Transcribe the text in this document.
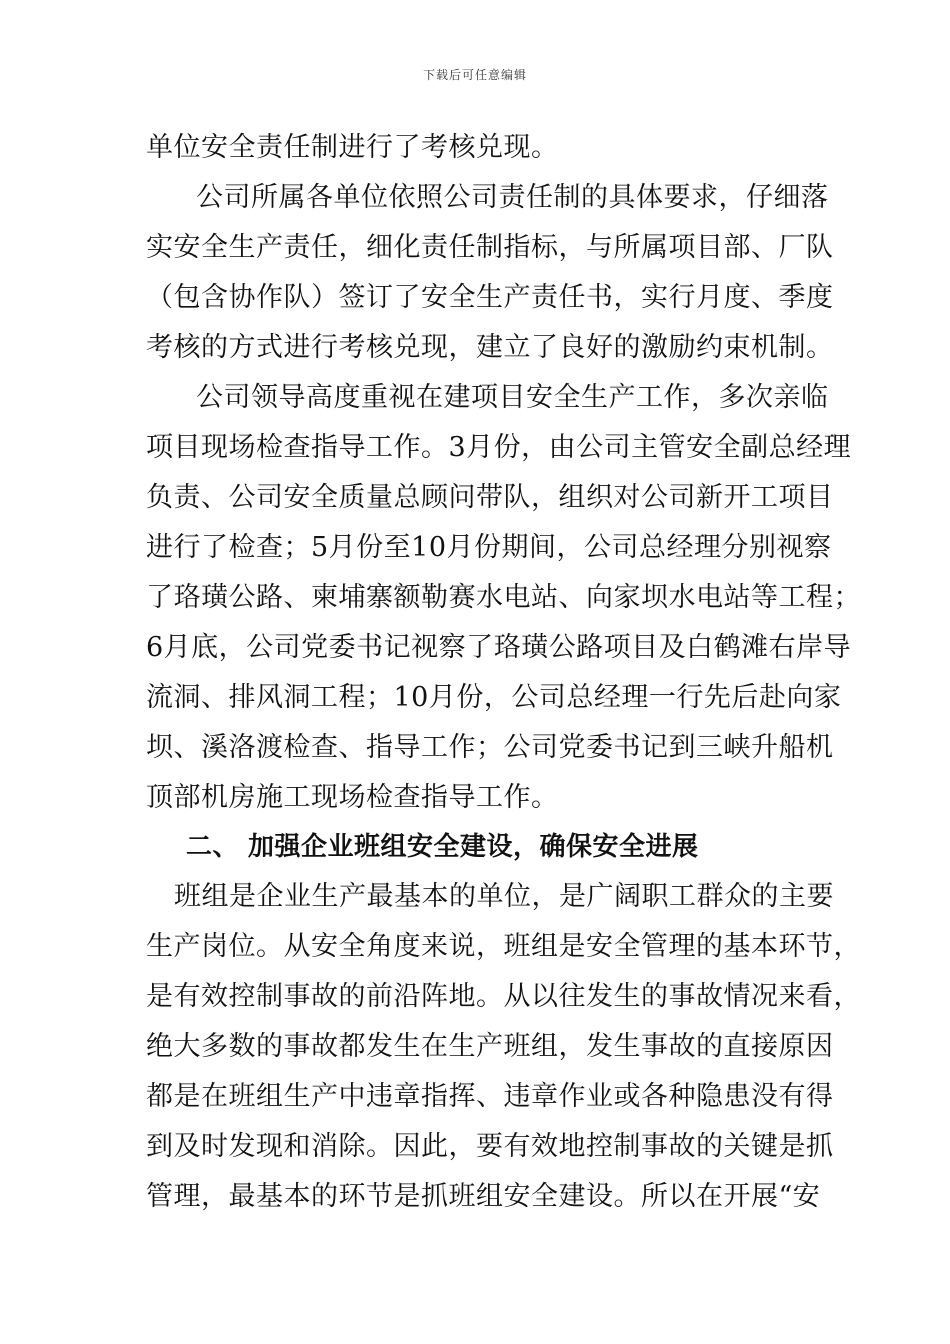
下载后可任意编辑
单位安全责任制进行了考核兑现。
公司所属各单位依照公司责任制的具体要求，仔细落
实安全生产责任，细化责任制指标，与所属项目部、厂队
（包含协作队）签订了安全生产责任书，实行月度、季度
考核的方式进行考核兑现，建立了良好的激励约束机制。
公司领导高度重视在建项目安全生产工作，多次亲临
项目现场检查指导工作。3月份，由公司主管安全副总经理
负责、公司安全质量总顾问带队，组织对公司新开工项目
进行了检查；5月份至10月份期间，公司总经理分别视察
了珞璜公路、柬埔寨额勒赛水电站、向家坝水电站等工程；
6月底，公司党委书记视察了珞璜公路项目及白鹤滩右岸导
流洞、排风洞工程；10月份，公司总经理一行先后赴向家
坝、溪洛渡检查、指导工作；公司党委书记到三峡升船机
顶部机房施工现场检查指导工作。
二、 加强企业班组安全建设，确保安全进展
班组是企业生产最基本的单位，是广阔职工群众的主要
生产岗位。从安全角度来说，班组是安全管理的基本环节，
是有效控制事故的前沿阵地。从以往发生的事故情况来看，
绝大多数的事故都发生在生产班组，发生事故的直接原因
都是在班组生产中违章指挥、违章作业或各种隐患没有得
到及时发现和消除。因此，要有效地控制事故的关键是抓
管理，最基本的环节是抓班组安全建设。所以在开展“安
